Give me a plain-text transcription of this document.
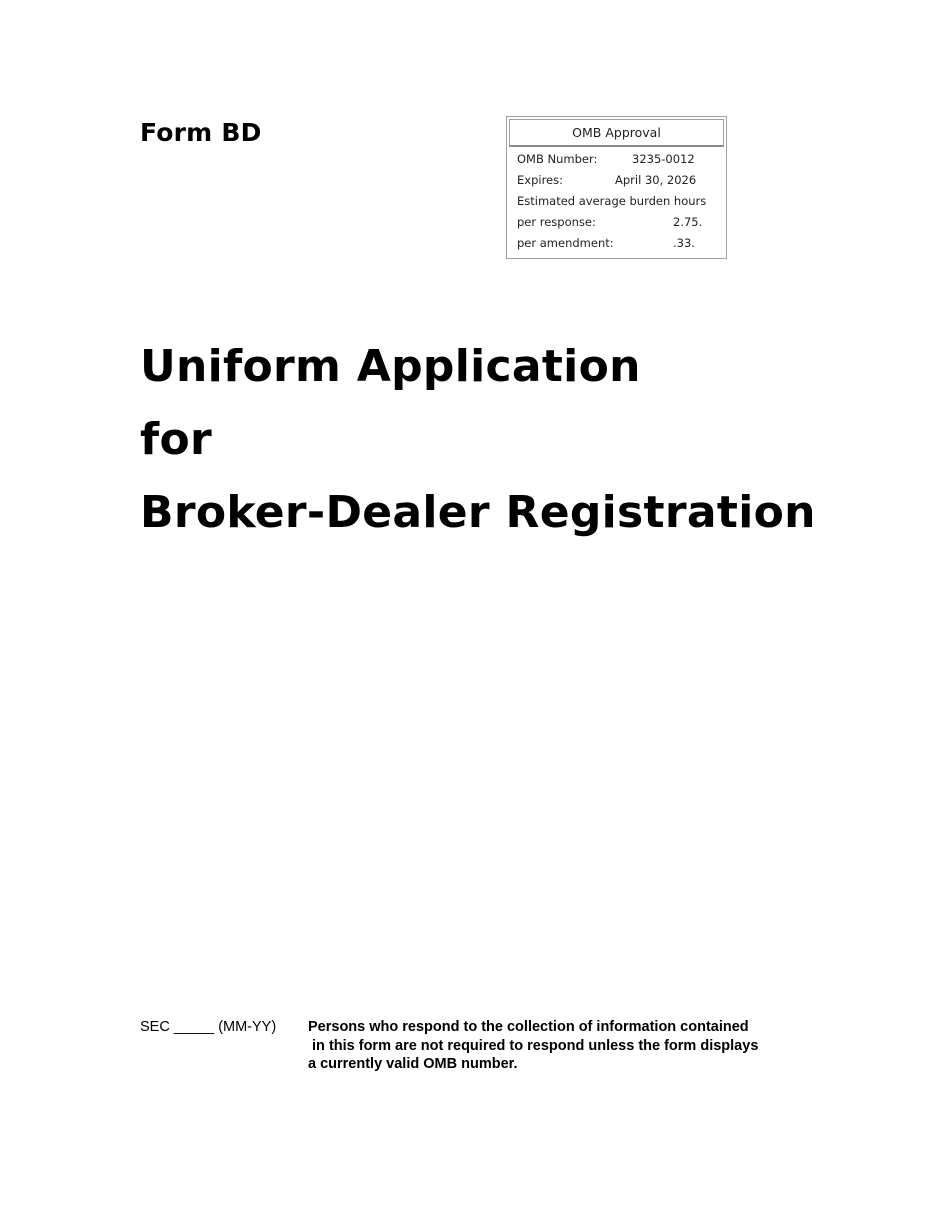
Form BD	OMB Approval
OMB Number:	3235-0012
Expires:	April 30, 2026
Estimated average burden hours
per response:	2.75.
per amendment:	.33.
Uniform Application
for
Broker-Dealer Registration
SEC _____ (MM-YY) Persons who respond to the collection of information contained
in this form are not required to respond unless the form displays
a currently valid OMB number.
